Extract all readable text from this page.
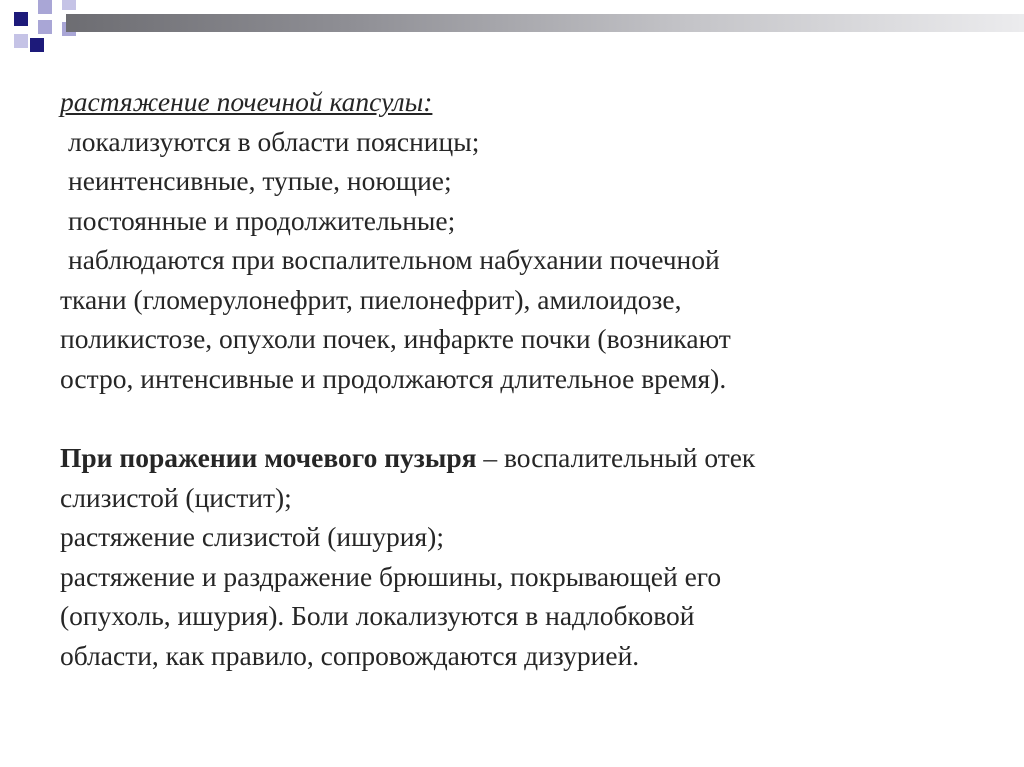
растяжение почечной капсулы:
локализуются в области поясницы;
неинтенсивные, тупые, ноющие;
постоянные и продолжительные;
наблюдаются при воспалительном набухании почечной
ткани (гломерулонефрит, пиелонефрит), амилоидозе,
поликистозе, опухоли почек, инфаркте почки (возникают
остро, интенсивные и продолжаются длительное время).
При поражении мочевого пузыря – воспалительный отек
слизистой (цистит);
растяжение слизистой (ишурия);
растяжение и раздражение брюшины, покрывающей его
(опухоль, ишурия). Боли локализуются в надлобковой
области, как правило, сопровождаются дизурией.
